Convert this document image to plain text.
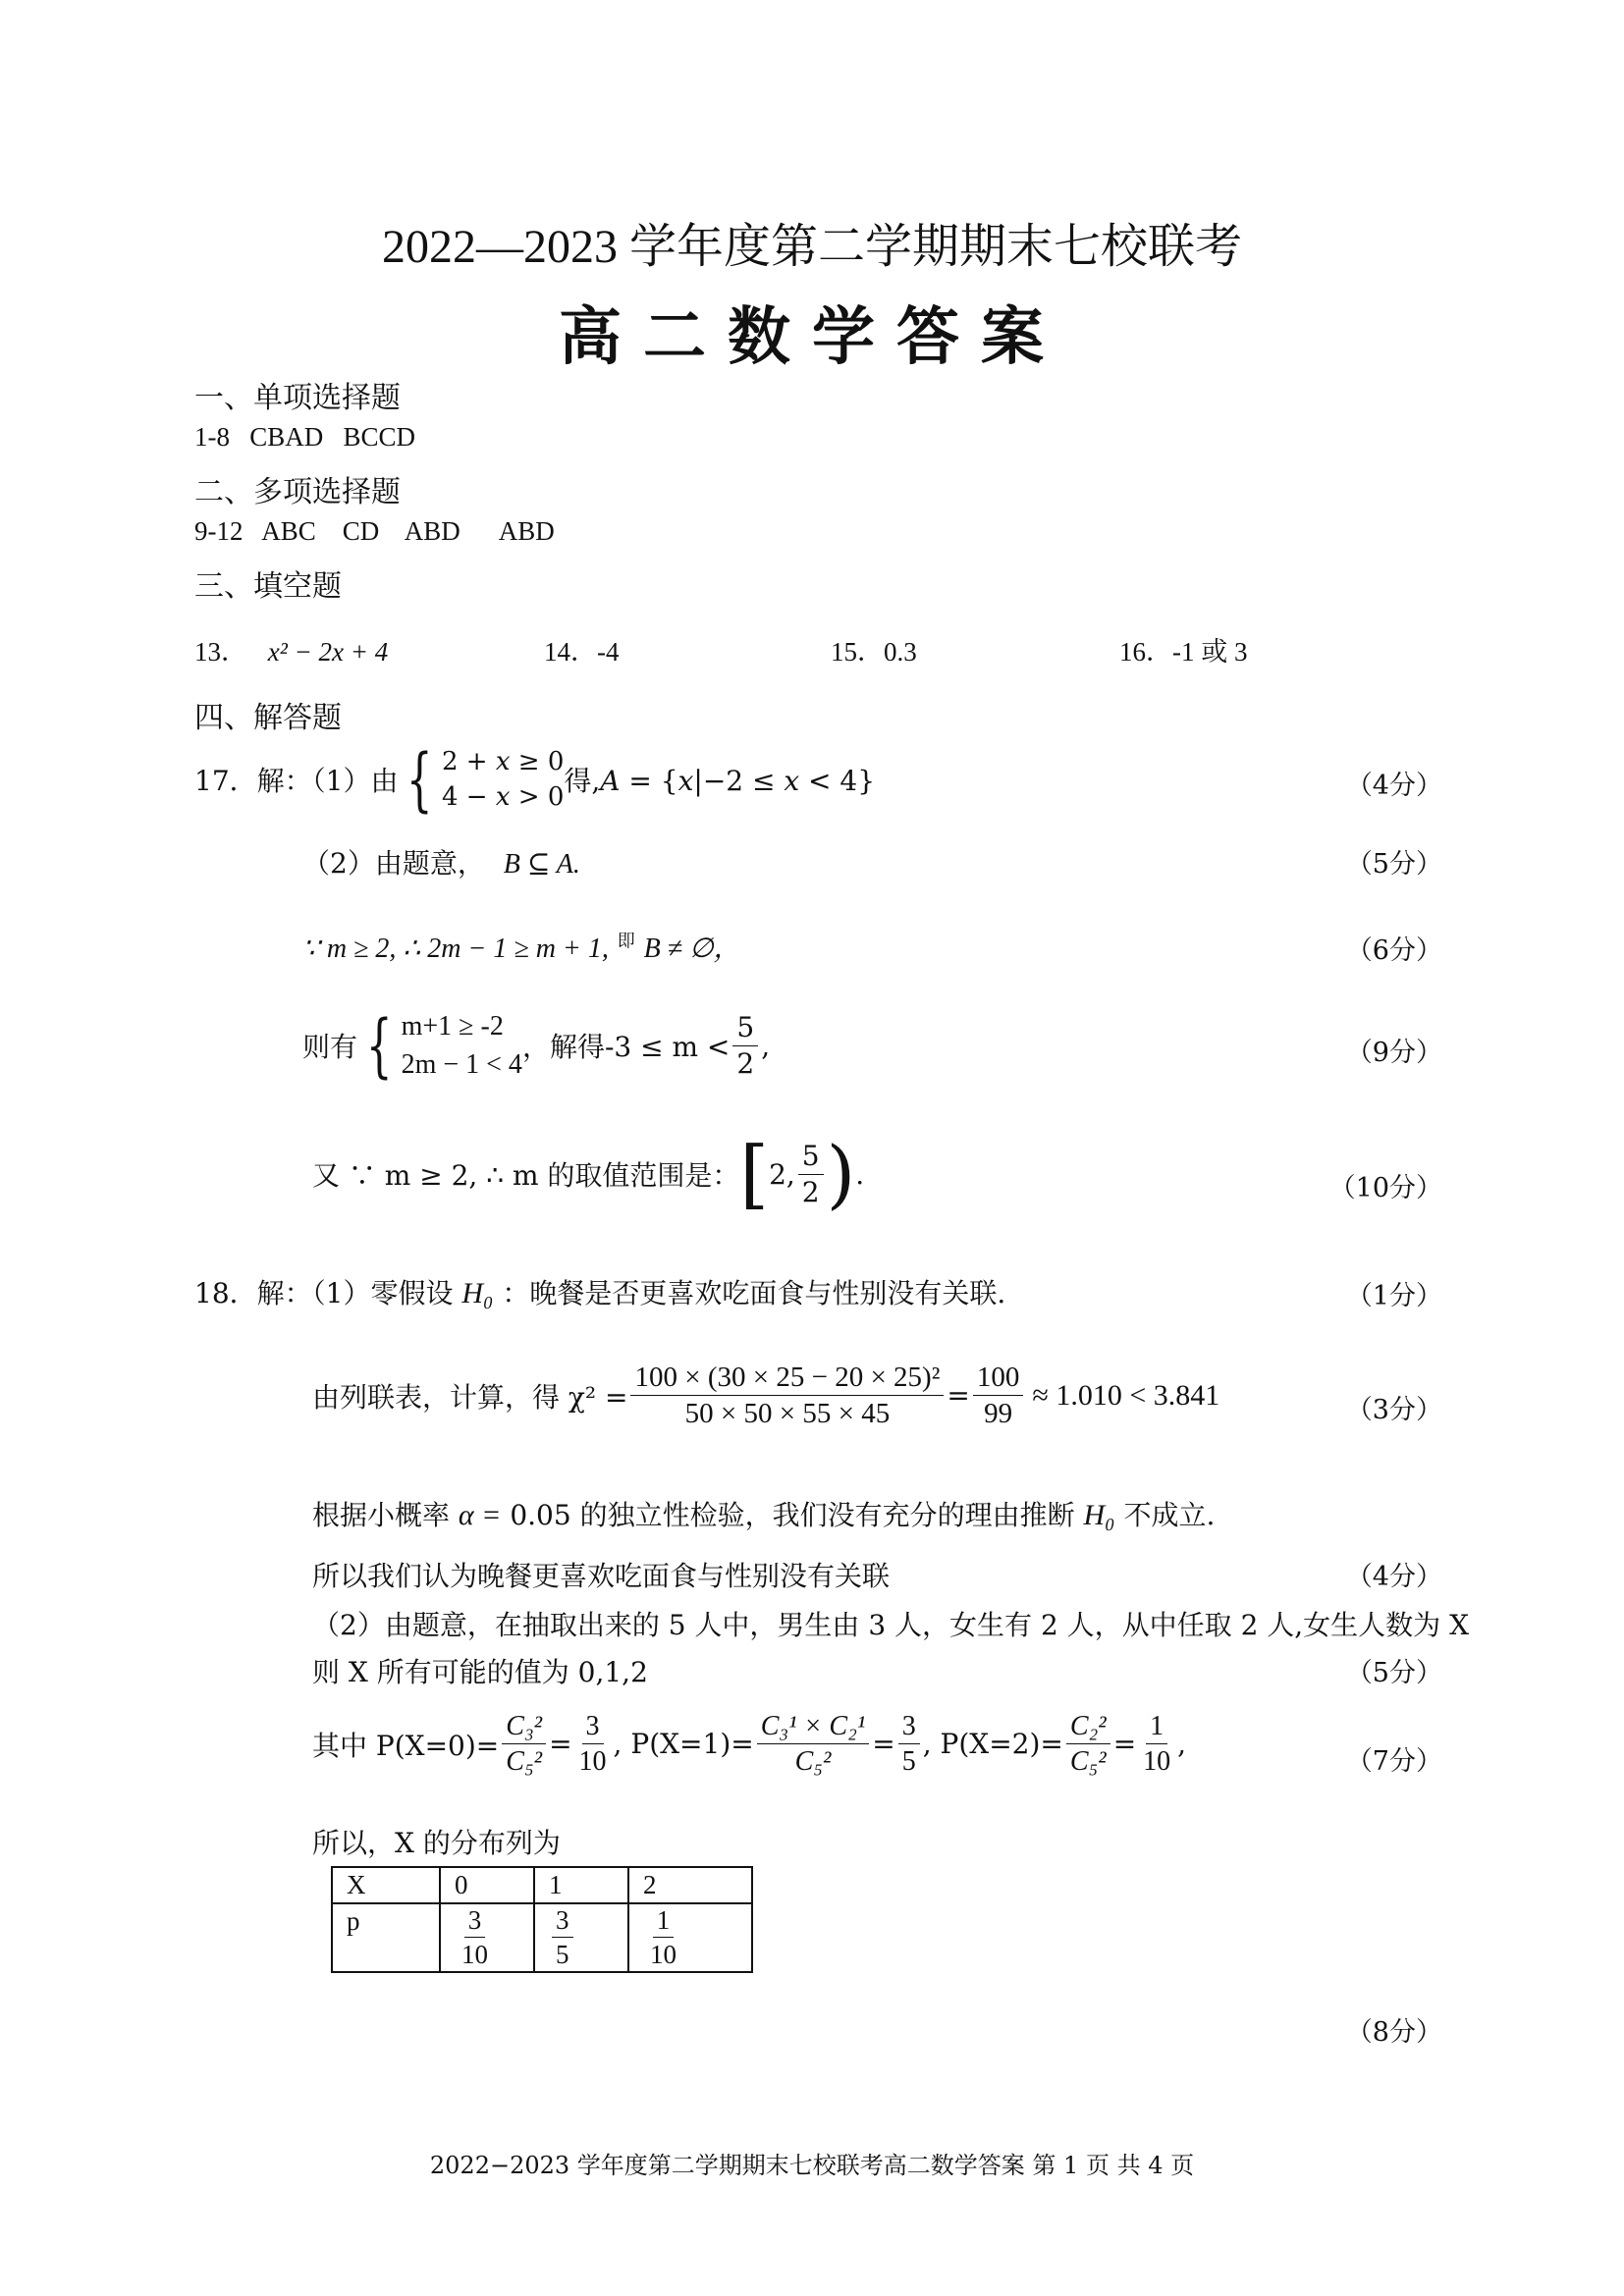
2022—2023 学年度第二学期期末七校联考
高二数学答案
一、单项选择题
1-8   CBAD   BCCD
二、多项选择题
9-12   ABC    CD    ABD      ABD
三、填空题
13． x² − 2x + 4	14．-4	15．0.3	16．-1 或 3
四、解答题
17．解：（1）由 { 2 + 𝑥 ≥ 0
4 − 𝑥 > 0 得,𝐴 = {𝑥|−2 ≤ 𝑥 < 4}	（4分）
（2）由题意， B ⊆ A.	（5分）
∵ m ≥ 2, ∴ 2m − 1 ≥ m + 1, $^即$ B ≠ ∅，	（6分）
则有 { m+1 ≥ -2
2m − 1 < 4
，解得$-3 \le m < \frac{5}{2}$ ,	（9分）
又 ∵ m ≥ 2, ∴ m 的取值范围是： [ 2, $\frac{5}{2}$ ) .	（10分）
18．解：（1）零假设 H₀ ：晚餐是否更喜欢吃面食与性别没有关联.	（1分）
由列联表，计算，得 $\chi^2 = \frac{\text{100 × (30 × 25 − 20 × 25)²}}{50 \times 50 \times 55 \times 45} = \frac{100}{99} \approx 1.010 < 3.841$	（3分）
根据小概率 α = 0.05 的独立性检验，我们没有充分的理由推断 H₀ 不成立.
所以我们认为晚餐更喜欢吃面食与性别没有关联	（4分）
（2）由题意，在抽取出来的 5 人中，男生由 3 人，女生有 2 人，从中任取 2 人,女生人数为 X
则 X 所有可能的值为 0,1,2	（5分）
其中 $P(X=0)= \frac{\text{C₃²}}{\text{C₅²}} = \frac{3}{10}$ , $P(X=1)= \frac{\text{C₃¹ × C₂¹}}{\text{C₅²}} = \frac{3}{5}$ , $P(X=2)= \frac{\text{C₂²}}{\text{C₅²}} = \frac{1}{10}$ ,
（7分）
所以，X 的分布列为
X	0	1	2
p	$\frac{3}{10}$	$\frac{3}{5}$	$\frac{1}{10}$
（8分）
2022−2023 学年度第二学期期末七校联考高二数学答案 第 1 页 共 4 页
